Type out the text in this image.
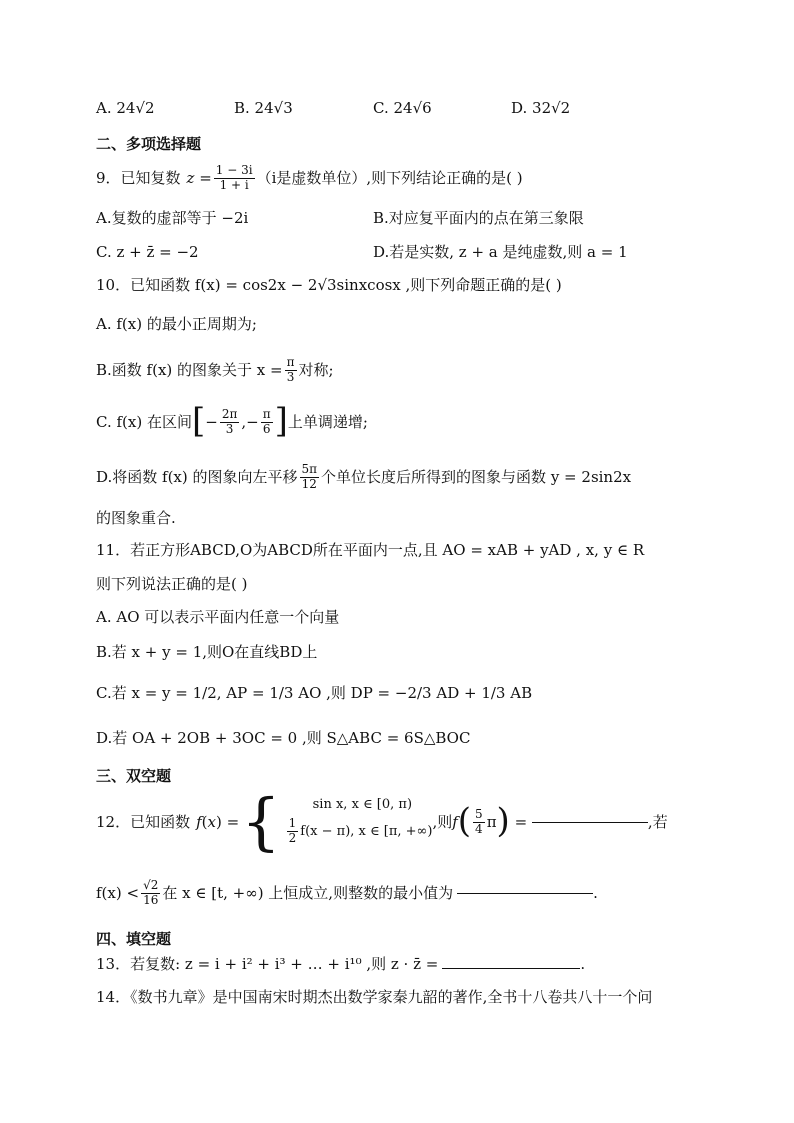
A. 24√2	B. 24√3	C. 24√6	D. 32√2
二、多项选择题
9．已知复数 $z = \frac{1 - 3i}{1 + i} (i$是虚数单位）,则下列结论正确的是( )
A.复数的虚部等于 −2i	B.对应复平面内的点在第三象限
C. z + z̄ = −2	D.若是实数, z + a 是纯虚数,则 a = 1
10．已知函数 f(x) = cos2x − 2√3sinxcosx ,则下列命题正确的是( )
A. f(x) 的最小正周期为;
B.函数 f(x) 的图象关于 $x = \frac{\pi}{3}$ 对称;
C. f(x) 在区间 [ − $\frac{2\pi}{3}$ ,− $\frac{\pi}{6}$ ] 上单调递增;
D.将函数 f(x) 的图象向左平移 $\frac{5\pi}{12}$ 个单位长度后所得到的图象与函数 y = 2sin2x
的图象重合.
11．若正方形ABCD,O为ABCD所在平面内一点,且 AO = xAB + yAD , x, y ∈ R
则下列说法正确的是( )
A. AO 可以表示平面内任意一个向量
B.若 x + y = 1,则O在直线BD上
C.若 x = y = 1/2, AP = 1/3 AO ,则 DP = −2/3 AD + 1/3 AB
D.若 OA + 2OB + 3OC = 0 ,则 S△ABC = 6S△BOC
三、双空题
12．已知函数 f(x) = {	sin x, x ∈ [0, π)
$\frac{1}{2} f(x - \pi)$, x ∈ [π, +∞)
,则 f ( $\frac{5}{4}$ π ) =	,若
$f(x) < \frac{√2}{16}$ 在 x ∈ [t, +∞) 上恒成立,则整数的最小值为	.
四、填空题
13．若复数: z = i + i² + i³ + … + i¹⁰ ,则 z · z̄ =	.
14．《数书九章》是中国南宋时期杰出数学家秦九韶的著作,全书十八卷共八十一个问
